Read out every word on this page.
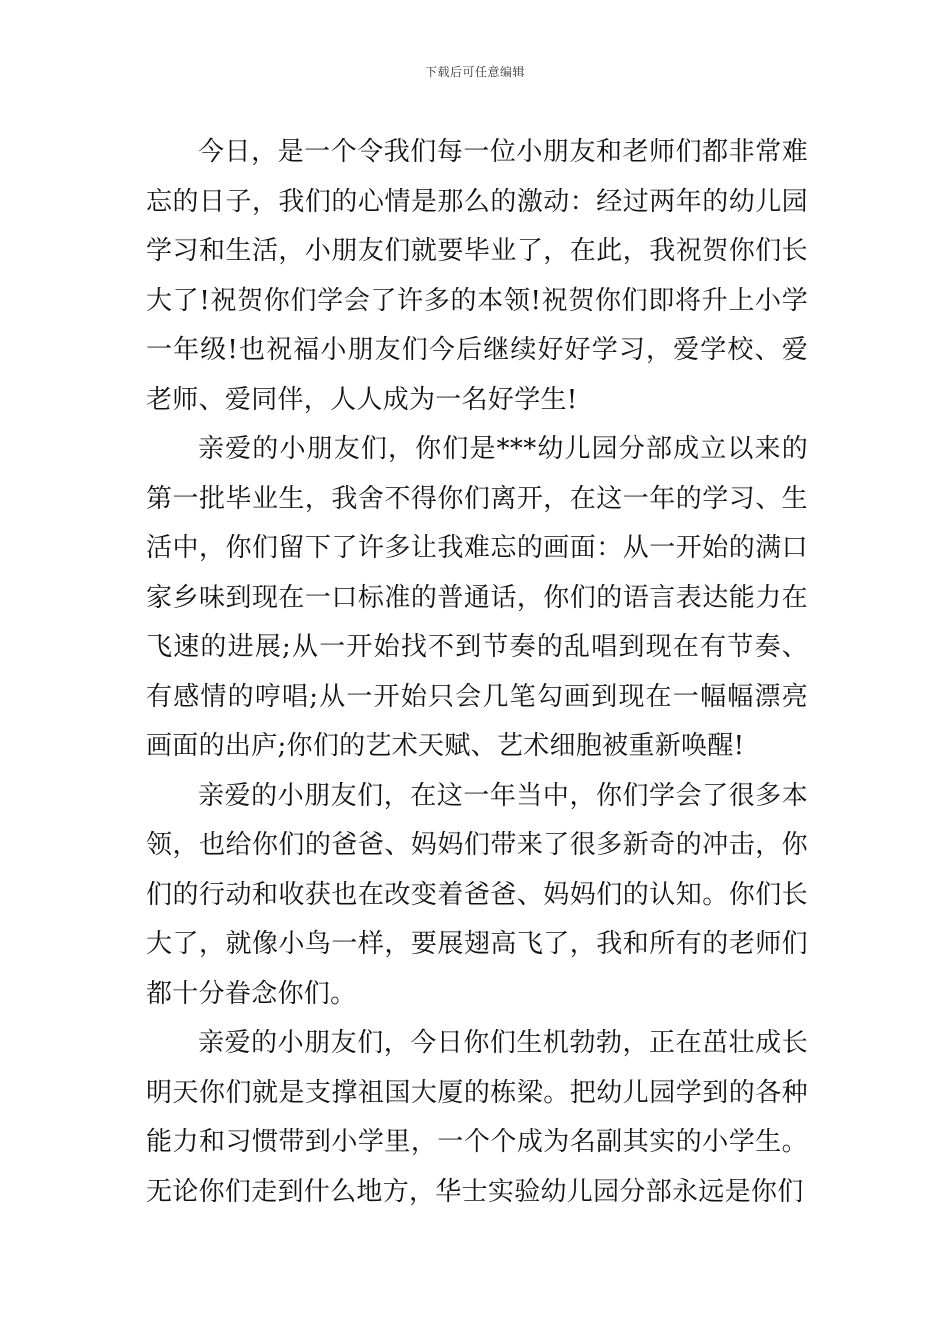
下载后可任意编辑

今日，是一个令我们每一位小朋友和老师们都非常难忘的日子，我们的心情是那么的激动：经过两年的幼儿园学习和生活，小朋友们就要毕业了，在此，我祝贺你们长大了!祝贺你们学会了许多的本领!祝贺你们即将升上小学一年级!也祝福小朋友们今后继续好好学习，爱学校、爱老师、爱同伴，人人成为一名好学生!

亲爱的小朋友们，你们是***幼儿园分部成立以来的第一批毕业生，我舍不得你们离开，在这一年的学习、生活中，你们留下了许多让我难忘的画面：从一开始的满口家乡味到现在一口标准的普通话，你们的语言表达能力在飞速的进展;从一开始找不到节奏的乱唱到现在有节奏、有感情的哼唱;从一开始只会几笔勾画到现在一幅幅漂亮画面的出庐;你们的艺术天赋、艺术细胞被重新唤醒!

亲爱的小朋友们，在这一年当中，你们学会了很多本领，也给你们的爸爸、妈妈们带来了很多新奇的冲击，你们的行动和收获也在改变着爸爸、妈妈们的认知。你们长大了，就像小鸟一样，要展翅高飞了，我和所有的老师们都十分眷念你们。

亲爱的小朋友们，今日你们生机勃勃，正在茁壮成长明天你们就是支撑祖国大厦的栋梁。把幼儿园学到的各种能力和习惯带到小学里，一个个成为名副其实的小学生。无论你们走到什么地方，华士实验幼儿园分部永远是你们
